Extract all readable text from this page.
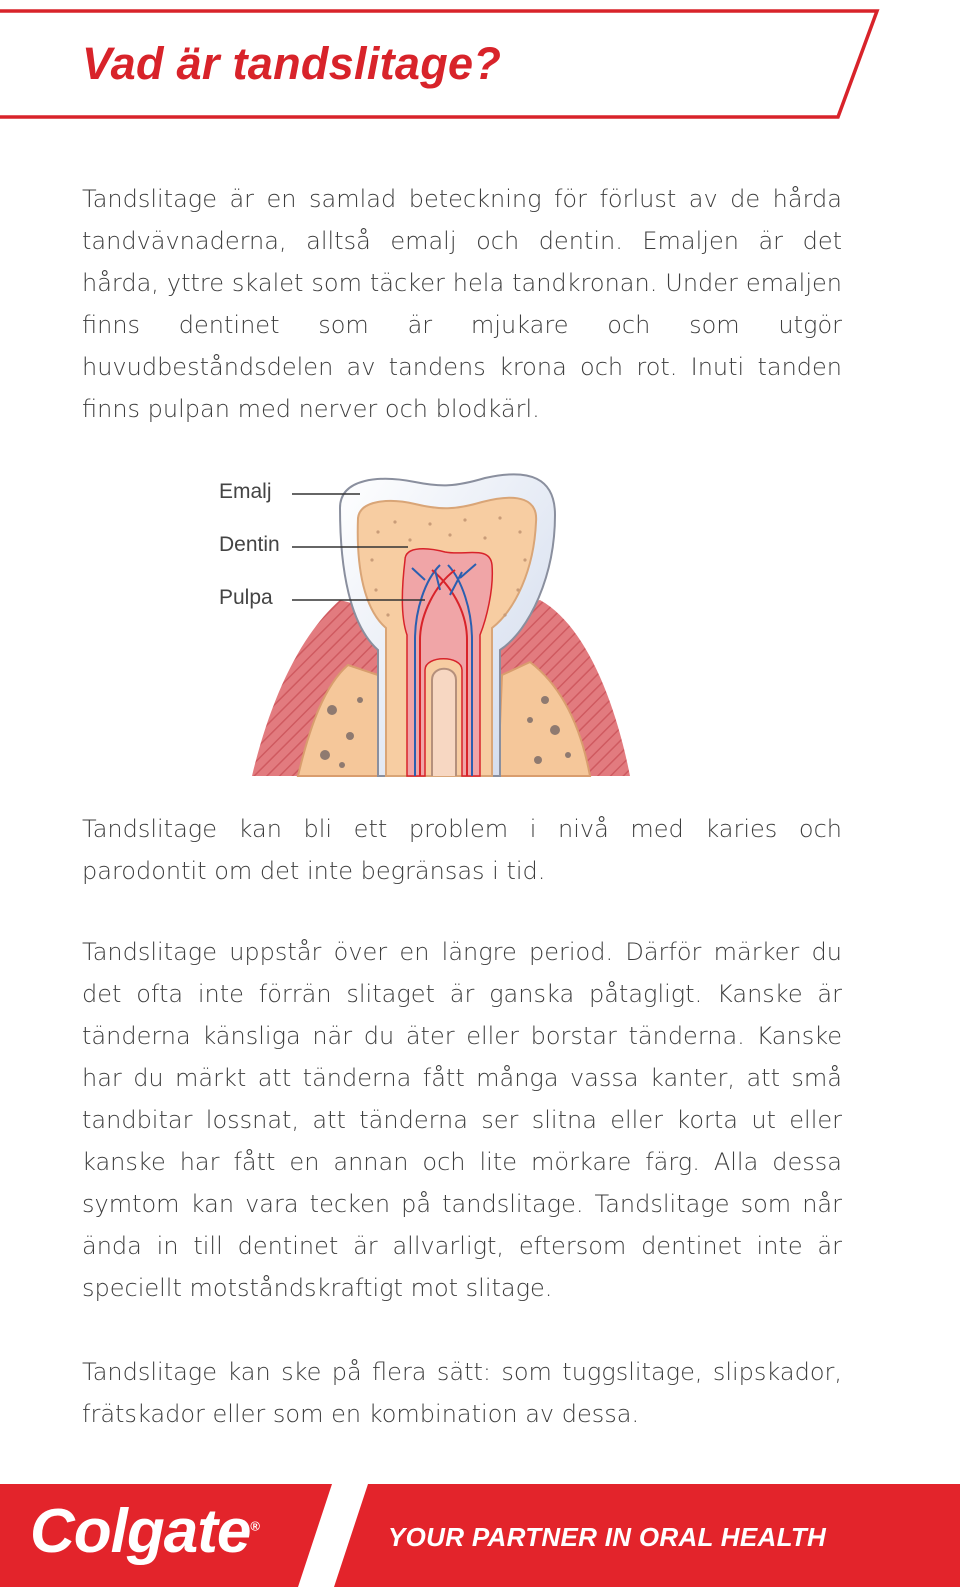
Vad är tandslitage?

Tandslitage är en samlad beteckning för förlust av de hårda tandvävnaderna, alltså emalj och dentin. Emaljen är det hårda, yttre skalet som täcker hela tandkronan. Under emaljen finns dentinet som är mjukare och som utgör huvudbeståndsdelen av tandens krona och rot. Inuti tanden finns pulpan med nerver och blodkärl.

Emalj
Dentin
Pulpa

Tandslitage kan bli ett problem i nivå med karies och parodontit om det inte begränsas i tid.

Tandslitage uppstår över en längre period. Därför märker du det ofta inte förrän slitaget är ganska påtagligt. Kanske är tänderna känsliga när du äter eller borstar tänderna. Kanske har du märkt att tänderna fått många vassa kanter, att små tandbitar lossnat, att tänderna ser slitna eller korta ut eller kanske har fått en annan och lite mörkare färg. Alla dessa symtom kan vara tecken på tandslitage. Tandslitage som når ända in till dentinet är allvarligt, eftersom dentinet inte är speciellt motståndskraftigt mot slitage.

Tandslitage kan ske på flera sätt: som tuggslitage, slipskador, frätskador eller som en kombination av dessa.

Colgate®	YOUR PARTNER IN ORAL HEALTH
